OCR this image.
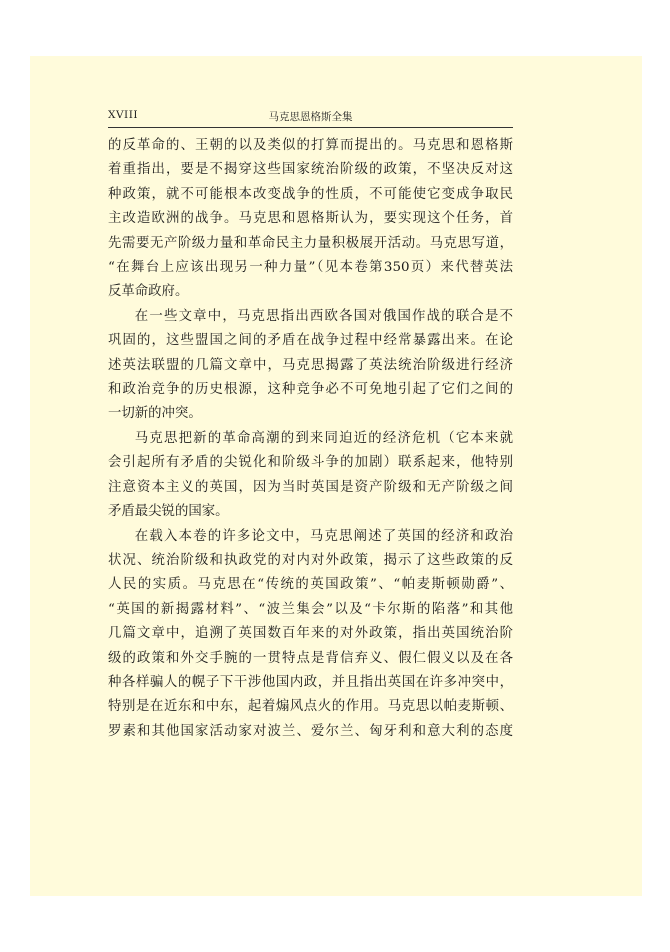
XVIII	马克思恩格斯全集

的反革命的、王朝的以及类似的打算而提出的。马克思和恩格斯

着重指出，要是不揭穿这些国家统治阶级的政策，不坚决反对这

种政策，就不可能根本改变战争的性质，不可能使它变成争取民

主改造欧洲的战争。马克思和恩格斯认为，要实现这个任务，首

先需要无产阶级力量和革命民主力量积极展开活动。马克思写道，

“在舞台上应该出现另一种力量”（见本卷第350页）来代替英法

反革命政府。

在一些文章中，马克思指出西欧各国对俄国作战的联合是不

巩固的，这些盟国之间的矛盾在战争过程中经常暴露出来。在论

述英法联盟的几篇文章中，马克思揭露了英法统治阶级进行经济

和政治竞争的历史根源，这种竞争必不可免地引起了它们之间的

一切新的冲突。

马克思把新的革命高潮的到来同迫近的经济危机（它本来就

会引起所有矛盾的尖锐化和阶级斗争的加剧）联系起来，他特别

注意资本主义的英国，因为当时英国是资产阶级和无产阶级之间

矛盾最尖锐的国家。

在载入本卷的许多论文中，马克思阐述了英国的经济和政治

状况、统治阶级和执政党的对内对外政策，揭示了这些政策的反

人民的实质。马克思在“传统的英国政策”、“帕麦斯顿勋爵”、

“英国的新揭露材料”、“波兰集会”以及“卡尔斯的陷落”和其他

几篇文章中，追溯了英国数百年来的对外政策，指出英国统治阶

级的政策和外交手腕的一贯特点是背信弃义、假仁假义以及在各

种各样骗人的幌子下干涉他国内政，并且指出英国在许多冲突中，

特别是在近东和中东，起着煽风点火的作用。马克思以帕麦斯顿、

罗素和其他国家活动家对波兰、爱尔兰、匈牙利和意大利的态度
